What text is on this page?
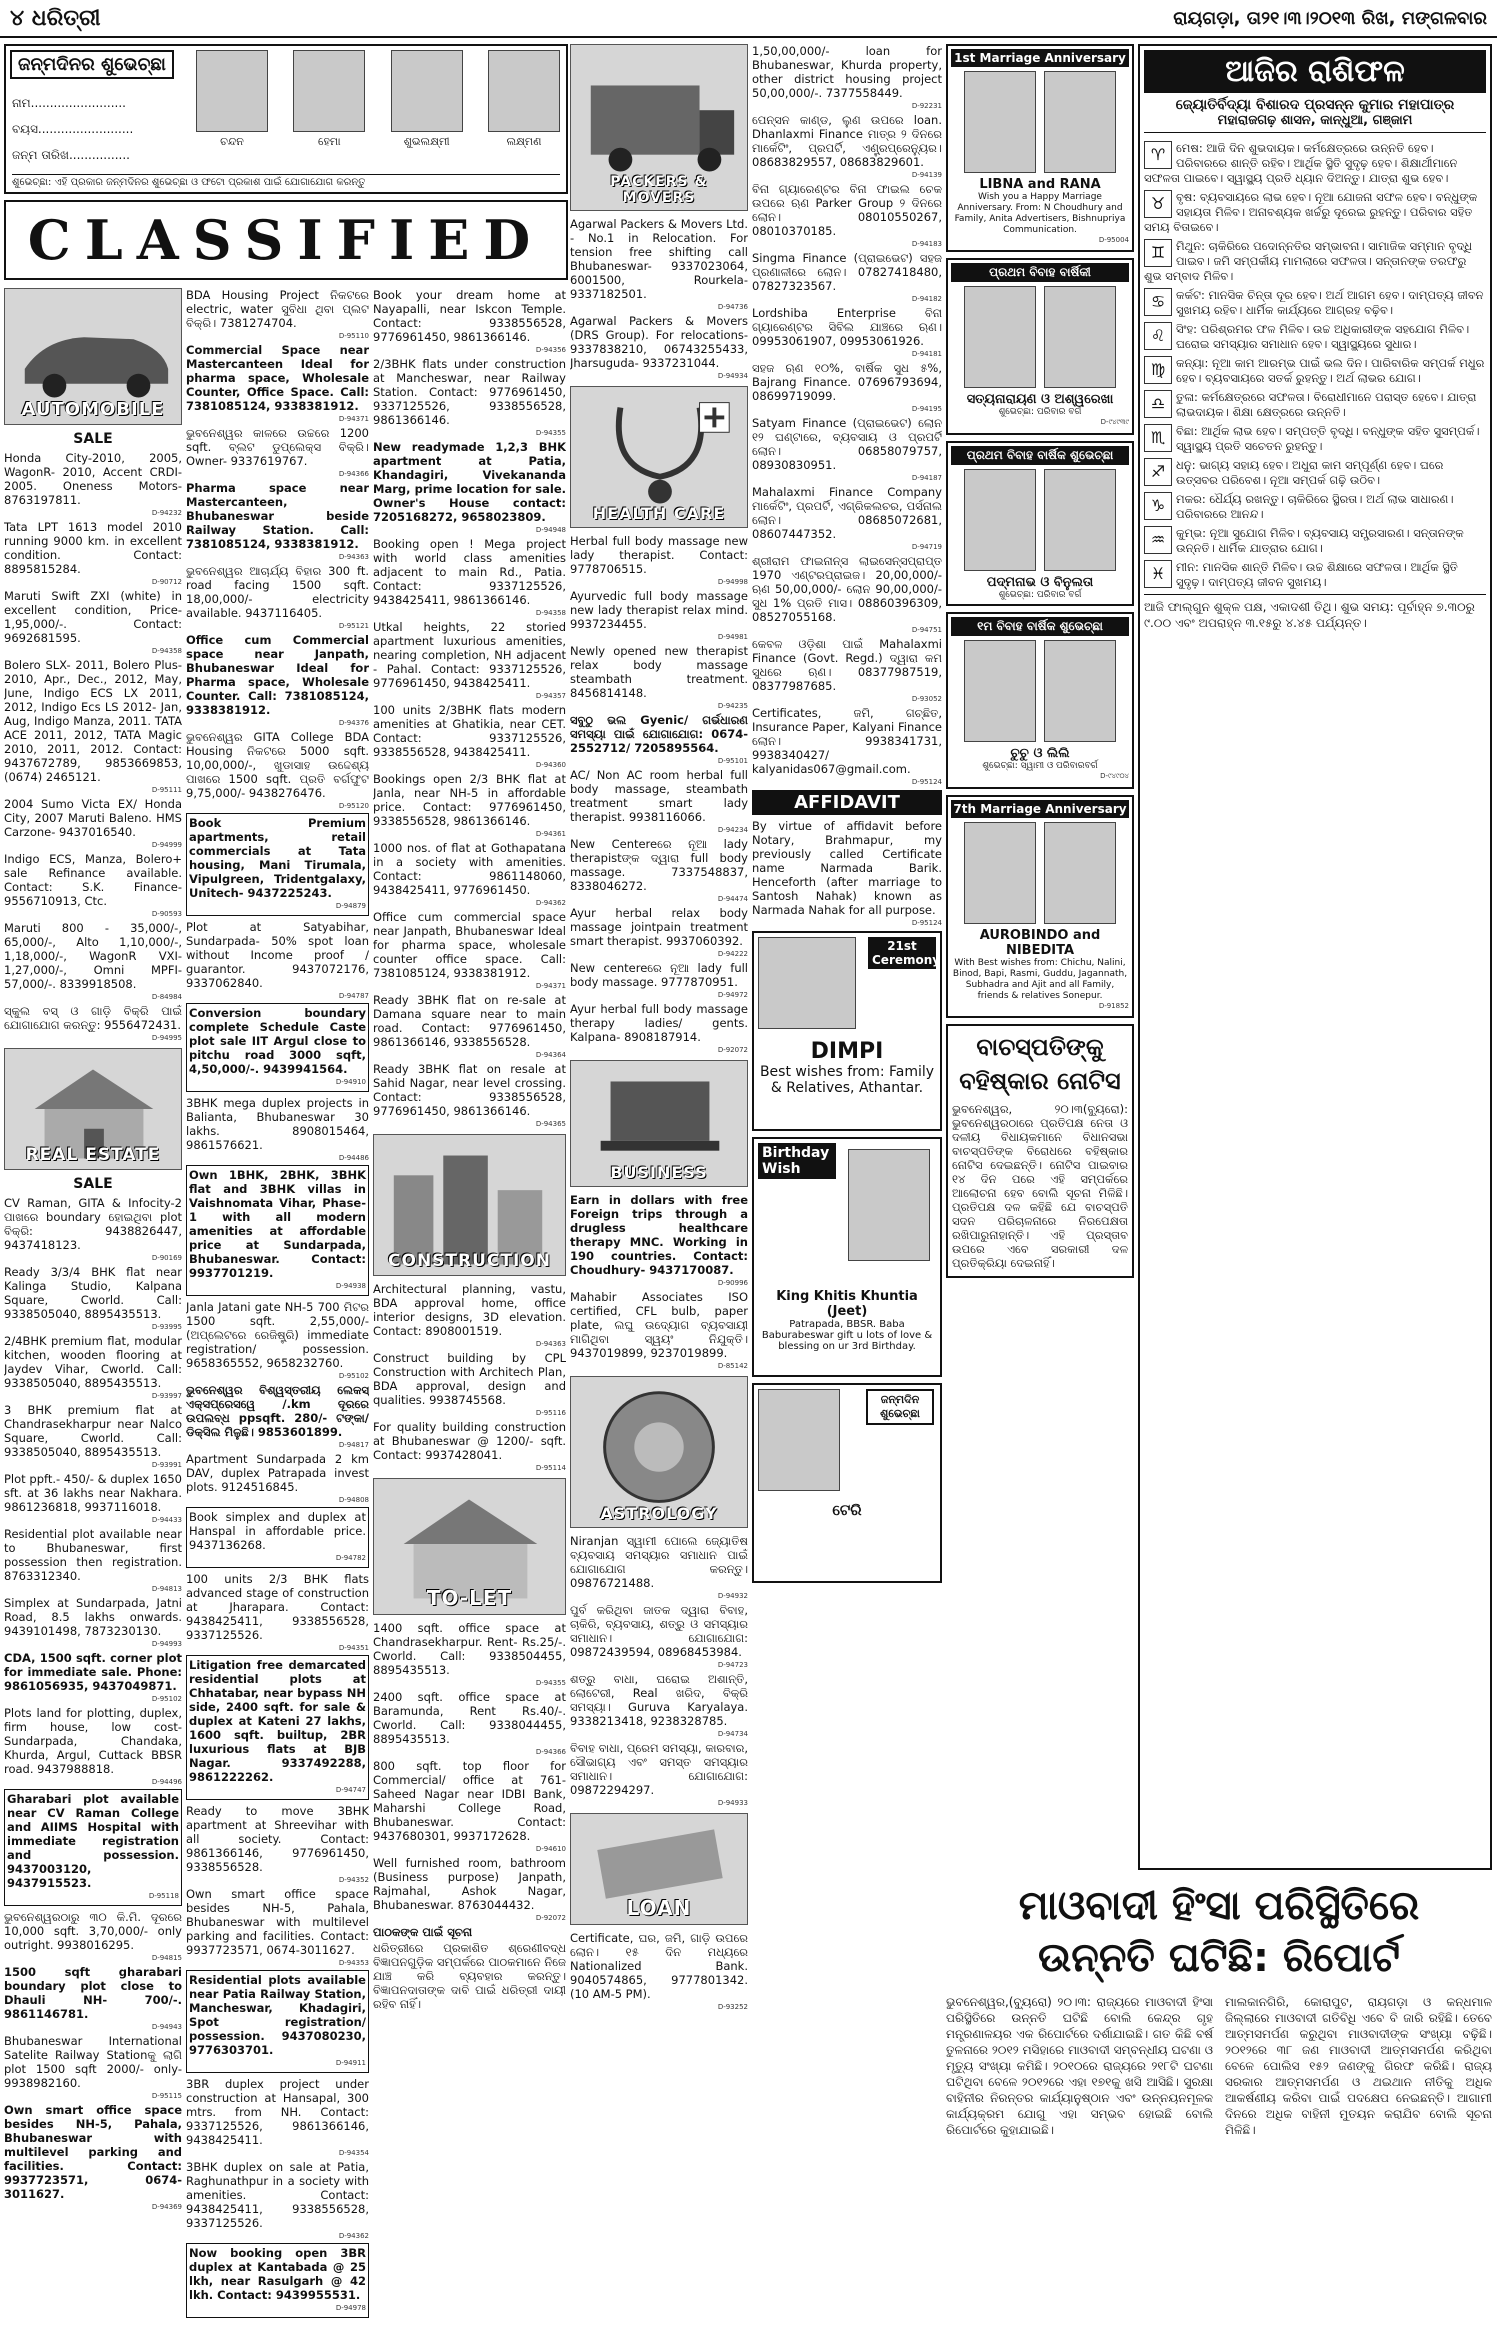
୪ ଧରିତ୍ରୀ	ରାୟଗଡ଼ା, ତା୨୧।୩।୨୦୧୩ ରିଖ, ମଙ୍ଗଳବାର
ଜନ୍ମଦିନର ଶୁଭେଚ୍ଛା
ନାମ.........................
ବୟସ.........................
ଜନ୍ମ ତାରିଖ................
ଚନ୍ଦନ	ହେମା	ଶୁଭଲକ୍ଷ୍ମୀ	ଲକ୍ଷ୍ମଣ
ଶୁଭେଚ୍ଛା: ଏହି ପ୍ରକାର ଜନ୍ମଦିନର ଶୁଭେଚ୍ଛା ଓ ଫଟୋ ପ୍ରକାଶ ପାଇଁ ଯୋଗାଯୋଗ କରନ୍ତୁ
CLASSIFIED
AUTOMOBILE
SALE
Honda City-2010, 2005, WagonR- 2010, Accent CRDI- 2005. Oneness Motors- 8763197811.
D-94232
Tata LPT 1613 model 2010 running 9000 km. in excellent condition. Contact: 8895815284.
D-90712
Maruti Swift ZXI (white) in excellent condition, Price- 1,95,000/-. Contact: 9692681595.
D-94358
Bolero SLX- 2011, Bolero Plus- 2010, Apr., Dec., 2012, May, June, Indigo ECS LX 2011, 2012, Indigo Ecs LS 2012- Jan, Aug, Indigo Manza, 2011. TATA ACE 2011, 2012, TATA Magic 2010, 2011, 2012. Contact: 9437672789, 9853669853, (0674) 2465121.
D-95111
2004 Sumo Victa EX/ Honda City, 2007 Maruti Baleno. HMS Carzone- 9437016540.
D-94999
Indigo ECS, Manza, Bolero+ sale Refinance available. Contact: S.K. Finance- 9556710913, Ctc.
D-90593
Maruti 800 - 35,000/-, 65,000/-, Alto 1,10,000/-, 1,18,000/-, WagonR VXI- 1,27,000/-, Omni MPFI- 57,000/-. 8339918508.
D-84984
ସ୍କୁଲ ବସ୍ ଓ ଗାଡ଼ି ବିକ୍ରି ପାଇଁ ଯୋଗାଯୋଗ କରନ୍ତୁ: 9556472431.
D-94995
REAL ESTATE
SALE
CV Raman, GITA & Infocity-2 ପାଖରେ boundary ହୋଇଥିବା plot ବିକ୍ରି: 9438826447, 9437418123.
D-90169
Ready 3/3/4 BHK flat near Kalinga Studio, Kalpana Square, Cworld. Call: 9338505040, 8895435513.
D-93995
2/4BHK premium flat, modular kitchen, wooden flooring at Jaydev Vihar, Cworld. Call: 9338505040, 8895435513.
D-93997
3 BHK premium flat at Chandrasekharpur near Nalco Square, Cworld. Call: 9338505040, 8895435513.
D-93991
Plot ppft.- 450/- & duplex 1650 sft. at 36 lakhs near Nakhara. 9861236818, 9937116018.
D-94433
Residential plot available near to Bhubaneswar, first possession then registration. 8763312340.
D-94813
Simplex at Sundarpada, Jatni Road, 8.5 lakhs onwards. 9439101498, 7873230130.
D-94993
CDA, 1500 sqft. corner plot for immediate sale. Phone: 9861056935, 9437049871.
D-95102
Plots land for plotting, duplex, firm house, low cost- Sundarpada, Chandaka, Khurda, Argul, Cuttack BBSR road. 9437988818.
D-94496
Gharabari plot available near CV Raman College and AIIMS Hospital with immediate registration and possession. 9437003120, 9437915523.
D-95118
ଭୁବନେଶ୍ୱରଠାରୁ ୩୦ କି.ମି. ଦୂରରେ 10,000 sqft. 3,70,000/- only outright. 9938016295.
D-94815
1500 sqft gharabari boundary plot close to Dhauli NH- 700/-. 9861146781.
D-94943
Bhubaneswar International Satelite Railway Stationକୁ ଲାଗି plot 1500 sqft 2000/- only- 9938982160.
D-95115
Own smart office space besides NH-5, Pahala, Bhubaneswar with multilevel parking and facilities. Contact: 9937723571, 0674-3011627.
D-94369
BDA Housing Project ନିକଟରେ electric, water ସୁବିଧା ଥିବା ପ୍ଲଟ ବିକ୍ରି। 7381274704.
D-95110
Commercial Space near Mastercanteen Ideal for pharma space, Wholesale Counter, Office Space. Call: 7381085124, 9338381912.
D-94371
ଭୁବନେଶ୍ୱର କାଳରେ ଉଚ୍ଚରେ 1200 sqft. ବ୍ଲଟ ଡୁପ୍ଲେକ୍ସ ବିକ୍ରି। Owner- 9337619767.
D-94366
Pharma space near Mastercanteen, Bhubaneswar beside Railway Station. Call: 7381085124, 9338381912.
D-94363
ଭୁବନେଶ୍ୱର ଆଚାର୍ଯ୍ୟ ବିହାର 300 ft. road facing 1500 sqft. 18,00,000/- electricity available. 9437116405.
D-95121
Office cum Commercial space near Janpath, Bhubaneswar Ideal for Pharma space, Wholesale Counter. Call: 7381085124, 9338381912.
D-94376
ଭୁବନେଶ୍ୱର GITA College BDA Housing ନିକଟରେ 5000 sqft. 10,00,000/-, ଖୁଡାସାହ ଉଦ୍ଦେଶ୍ୟ ପାଖରେ 1500 sqft. ପ୍ରତି ବର୍ଗଫୁଟ 9,75,000/- 9438276476.
D-95120
Book Premium apartments, retail commercials at Tata housing, Mani Tirumala, Vipulgreen, Tridentgalaxy, Unitech- 9437225243.
D-94879
Plot at Satyabihar, Sundarpada- 50% spot loan without Income proof / guarantor. 9437072176, 9337062840.
D-94787
Conversion boundary complete Schedule Caste plot sale IIT Argul close to pitchu road 3000 sqft, 4,50,000/-. 9439941564.
D-94910
3BHK mega duplex projects in Balianta, Bhubaneswar 30 lakhs. 8908015464, 9861576621.
D-94486
Own 1BHK, 2BHK, 3BHK flat and 3BHK villas in Vaishnomata Vihar, Phase-1 with all modern amenities at affordable price at Sundarpada, Bhubaneswar. Contact: 9937701219.
D-94938
Janla Jatani gate NH-5 700 ମିଟର 1500 sqft. 2,55,000/- (ଅପ୍ଲେଟରେ ରେଜିଷ୍ଟ୍ରି) immediate registration/ possession. 9658365552, 9658232760.
D-95102
ଭୁବନେଶ୍ୱର ବିଶ୍ୱସ୍ତରୀୟ ଲେକସ୍ ଏକ୍ସପ୍ରେସୱେ /.km ଦୂରରେ ଉପଲବ୍ଧ ppsqft. 280/- ଟଙ୍କା/ ଡିକ୍ସିଲ ମିଳୁଛି। 9853601899.
D-94817
Apartment Sundarpada 2 km DAV, duplex Patrapada invest plots. 9124516845.
D-94808
Book simplex and duplex at Hanspal in affordable price. 9437136268.
D-94782
100 units 2/3 BHK flats advanced stage of construction at Jharapara. Contact: 9438425411, 9338556528, 9337125526.
D-94351
Litigation free demarcated residential plots at Chhatabar, near bypass NH side, 2400 sqft. for sale & duplex at Kateni 27 lakhs, 1600 sqft. builtup, 2BR luxurious flats at BJB Nagar. 9337492288, 9861222262.
D-94747
Ready to move 3BHK apartment at Shreevihar with all society. Contact: 9861366146, 9776961450, 9338556528.
D-94352
Own smart office space besides NH-5, Pahala, Bhubaneswar with multilevel parking and facilities. Contact: 9937723571, 0674-3011627.
D-94353
Residential plots available near Patia Railway Station, Mancheswar, Khadagiri, Spot registration/ possession. 9437080230, 9776303701.
D-94911
3BR duplex project under construction at Hansapal, 300 mtrs. from NH. Contact: 9337125526, 9861366146, 9438425411.
D-94354
3BHK duplex on sale at Patia, Raghunathpur in a society with amenities. Contact: 9438425411, 9338556528, 9337125526.
D-94362
Now booking open 3BR duplex at Kantabada @ 25 lkh, near Rasulgarh @ 42 lkh. Contact: 9439955531.
D-94978
Book your dream home at Nayapalli, near Iskcon Temple. Contact: 9338556528, 9776961450, 9861366146.
D-94356
2/3BHK flats under construction at Mancheswar, near Railway Station. Contact: 9776961450, 9337125526, 9338556528, 9861366146.
D-94355
New readymade 1,2,3 BHK apartment at Patia, Khandagiri, Vivekananda Marg, prime location for sale. Owner's House contact: 7205168272, 9658023809.
D-94948
Booking open ! Mega project with world class amenities adjacent to main Rd., Patia. Contact: 9337125526, 9438425411, 9861366146.
D-94358
Utkal heights, 22 storied apartment luxurious amenities, nearing completion, NH adjacent - Pahal. Contact: 9337125526, 9776961450, 9438425411.
D-94357
100 units 2/3BHK flats modern amenities at Ghatikia, near CET. Contact: 9337125526, 9338556528, 9438425411.
D-94360
Bookings open 2/3 BHK flat at Janla, near NH-5 in affordable price. Contact: 9776961450, 9338556528, 9861366146.
D-94361
1000 nos. of flat at Gothapatana in a society with amenities. Contact: 9861148060, 9438425411, 9776961450.
D-94362
Office cum commercial space near Janpath, Bhubaneswar Ideal for pharma space, wholesale counter office space. Call: 7381085124, 9338381912.
D-94371
Ready 3BHK flat on re-sale at Damana square near to main road. Contact: 9776961450, 9861366146, 9338556528.
D-94364
Ready 3BHK flat on resale at Sahid Nagar, near level crossing. Contact: 9338556528, 9776961450, 9861366146.
D-94365
CONSTRUCTION
Architectural planning, vastu, BDA approval home, office interior designs, 3D elevation. Contact: 8908001519.
D-94363
Construct building by CPL Construction with Architech Plan, BDA approval, design and qualities. 9938745568.
D-95116
For quality building construction at Bhubaneswar @ 1200/- sqft. Contact: 9937428041.
D-95114
TO-LET
1400 sqft. office space at Chandrasekharpur. Rent- Rs.25/-. Cworld. Call: 9338504455, 8895435513.
D-94355
2400 sqft. office space at Baramunda, Rent Rs.40/-. Cworld. Call: 9338044455, 8895435513.
D-94366
800 sqft. top floor for Commercial/ office at 761- Saheed Nagar near IDBI Bank, Maharshi College Road, Bhubaneswar. Contact: 9437680301, 9937172628.
D-94610
Well furnished room, bathroom (Business purpose) Janpath, Rajmahal, Ashok Nagar, Bhubaneswar. 8763044432.
D-92072
ପାଠକଙ୍କ ପାଇଁ ସୂଚନା
ଧରିତ୍ରୀରେ ପ୍ରକାଶିତ ଶ୍ରେଣୀବଦ୍ଧ ବିଜ୍ଞାପନଗୁଡ଼ିକ ସମ୍ପର୍କରେ ପାଠକମାନେ ନିଜେ ଯାଞ୍ଚ କରି ବ୍ୟବହାର କରନ୍ତୁ। ବିଜ୍ଞାପନଦାତାଙ୍କ ଦାବି ପାଇଁ ଧରିତ୍ରୀ ଦାୟୀ ରହିବ ନାହିଁ।
PACKERS & MOVERS
Agarwal Packers & Movers Ltd. - No.1 in Relocation. For tension free shifting call Bhubaneswar- 9337023064, 6001500, Rourkela- 9337182501.
D-94736
Agarwal Packers & Movers (DRS Group). For relocations- 9337838210, 06743255433, Jharsuguda- 9337231044.
D-94934
HEALTH CARE
Herbal full body massage new lady therapist. Contact: 9778706515.
D-94998
Ayurvedic full body massage new lady therapist relax mind. 9937234455.
D-94981
Newly opened new therapist relax body massage steambath treatment. 8456814148.
D-94235
ସବୁଠୁ ଭଲ Gyenic/ ଗର୍ଭଧାରଣ ସମସ୍ୟା ପାଇଁ ଯୋଗାଯୋଗ: 0674-2552712/ 7205895564.
D-95101
AC/ Non AC room herbal full body massage, steambath treatment smart lady therapist. 9938116066.
D-94234
New Centereରେ ନୂଆ lady therapistଙ୍କ ଦ୍ୱାରା full body massage. 7337548837, 8338046272.
D-94474
Ayur herbal relax body massage jointpain treatment smart therapist. 9937060392.
D-94222
New centereରେ ନୂଆ lady full body massage. 9777870951.
D-94972
Ayur herbal full body massage therapy ladies/ gents. Kalpana- 8908187914.
D-92072
BUSINESS
Earn in dollars with free Foreign trips through a drugless healthcare therapy MNC. Working in 190 countries. Contact: Choudhury- 9437170087.
D-90996
Mahabir Associates ISO certified, CFL bulb, paper plate, ଲଘୁ ଉଦ୍ୟୋଗ ବ୍ୟବସାୟୀ ମାଗିଥିବା ସ୍ୱୟଂ ନିଯୁକ୍ତି। 9437019899, 9237019899.
D-85142
ASTROLOGY
Niranjan ସ୍ୱାମୀ ପୋଲେ ଜ୍ୟୋତିଷ ବ୍ୟବସାୟ ସମସ୍ୟାର ସମାଧାନ ପାଇଁ ଯୋଗାଯୋଗ କରନ୍ତୁ। 09876721488.
D-94932
ପୁର୍ବ କରିଥିବା ଜାତକ ଦ୍ୱାରା ବିବାହ, ଚାକିରି, ବ୍ୟବସାୟ, ଶତ୍ରୁ ଓ ସମସ୍ୟାର ସମାଧାନ। ଯୋଗାଯୋଗ: 09872439594, 08968453984.
D-94723
ଶତ୍ରୁ ବାଧା, ଘରୋଇ ଅଶାନ୍ତି, ଲୋଟେରୀ, Real ଖରିଦ, ବିକ୍ରି ସମସ୍ୟା। Guruva Karyalaya. 9338213418, 9238328785.
D-94734
ବିବାହ ବାଧା, ପ୍ରେମ ସମସ୍ୟା, କାରବାର, ସୌଭାଗ୍ୟ ଏବଂ ସମସ୍ତ ସମସ୍ୟାର ସମାଧାନ। ଯୋଗାଯୋଗ: 09872294297.
D-94933
LOAN
Certificate, ଘର, ଜମି, ଗାଡ଼ି ଉପରେ ଲୋନ। ୧୫ ଦିନ ମଧ୍ୟରେ Nationalized Bank. 9040574865, 9777801342. (10 AM-5 PM).
D-93252
1,50,00,000/- loan for Bhubaneswar, Khurda property, other district housing project 50,00,000/-. 7377558449.
D-92231
ପେନ୍ସନ କାଣ୍ଡ, ଲୁଣ ଉପରେ loan. Dhanlaxmi Finance ମାତ୍ର ୨ ଦିନରେ ମାର୍କେଟିଂ, ପ୍ରପର୍ଟି, ଏଣ୍ଟ୍ରପ୍ରେନ୍ୟୁର। 08683829557, 08683829601.
D-94139
ବିନା ଗ୍ୟାରେଣ୍ଟର ବିନା ଫାଇଲ ଚେକ ଉପରେ ଋଣ Parker Group ୨ ଦିନରେ ଲୋନ। 08010550267, 08010370185.
D-94183
Singma Finance (ପ୍ରାଇଭେଟ) ସହଜ ପ୍ରଣାଳୀରେ ଲୋନ। 07827418480, 07827323567.
D-94182
Lordshiba Enterprise ବିନା ଗ୍ୟାରେଣ୍ଟର ସିବିଲ ଯାଞ୍ଚରେ ଋଣ। 09953061907, 09953061926.
D-94181
ସହଜ ଋଣ ୧୦%, ବାର୍ଷିକ ସୁଧ ୫%, Bajrang Finance. 07696793694, 08699719099.
D-94195
Satyam Finance (ପ୍ରାଇଭେଟ) ଲୋନ ୧୨ ଘଣ୍ଟାରେ, ବ୍ୟବସାୟ ଓ ପ୍ରପର୍ଟି ଲୋନ। 06858079757, 08930830951.
D-94187
Mahalaxmi Finance Company ମାର୍କେଟିଂ, ପ୍ରପର୍ଟି, ଏଗ୍ରିକଲଚର, ପର୍ସନାଲ ଲୋନ। 08685072681, 08607447352.
D-94719
ଶ୍ରୀରାମ ଫାଇନାନ୍ସ ଲାଇସେନ୍ସପ୍ରାପ୍ତ 1970 ଏଣ୍ଟରପ୍ରାଇଜ। 20,00,000/- ଋଣ 50,00,000/- ଲୋନ 90,00,000/- ସୁଧ 1% ପ୍ରତି ମାସ। 08860396309, 08527055168.
D-94751
କେବଳ ଓଡ଼ିଶା ପାଇଁ Mahalaxmi Finance (Govt. Regd.) ଦ୍ୱାରା କମ ସୁଧରେ ଋଣ। 08377987519, 08377987685.
D-93052
Certificates, ଜମି, ଗଚ୍ଛିତ, Insurance Paper, Kalyani Finance ଲୋନ। 9938341731, 9938340427/ kalyanidas067@gmail.com.
D-95124
AFFIDAVIT
By virtue of affidavit before Notary, Brahmapur, my previously called Certificate name Narmada Barik. Henceforth (after marriage to Santosh Nahak) known as Narmada Nahak for all purpose.
D-95124
21st Ceremony
DIMPI
Best wishes from: Family & Relatives, Athantar.
Birthday Wish
King Khitis Khuntia (Jeet)
Patrapada, BBSR. Baba Baburabeswar gift u lots of love & blessing on ur 3rd Birthday.
ଜନ୍ମଦିନ ଶୁଭେଚ୍ଛା
ଟେରି
1st Marriage Anniversary
LIBNA and RANA
Wish you a Happy Marriage Anniversary. From: N Choudhury and Family, Anita Advertisers, Bishnupriya Communication.
D-95004
ପ୍ରଥମ ବିବାହ ବାର୍ଷିକୀ
ସତ୍ୟନାରାୟଣ ଓ ଅଶ୍ୱରେଖା
ଶୁଭେଚ୍ଛା: ପରିବାର ବର୍ଗ
D-୯୪୯୩୯
ପ୍ରଥମ ବିବାହ ବାର୍ଷିକ ଶୁଭେଚ୍ଛା
ପଦ୍ମନାଭ ଓ ବିନୁଲତା
ଶୁଭେଚ୍ଛା: ପରିବାର ବର୍ଗ
୧ମ ବିବାହ ବାର୍ଷିକ ଶୁଭେଚ୍ଛା
ଚୁଚୁ ଓ ଲିଲି
ଶୁଭେଚ୍ଛା: ସ୍ୱାମୀ ଓ ପରିବାରବର୍ଗ
D-୯୪୯୦୪
7th Marriage Anniversary
AUROBINDO and NIBEDITA
With Best wishes from: Chichu, Nalini, Binod, Bapi, Rasmi, Guddu, Jagannath, Subhadra and Ajit and all Family, friends & relatives Sonepur.
D-91852
ବାଚସ୍ପତିଙ୍କୁ ବହିଷ୍କାର ନୋଟିସ
ଭୁବନେଶ୍ୱର, ୨୦।୩(ବ୍ୟୁରୋ): ଭୁବନେଶ୍ୱରଠାରେ ପ୍ରତିପକ୍ଷ ନେତା ଓ ଦଳୀୟ ବିଧାୟକମାନେ ବିଧାନସଭା ବାଚସ୍ପତିଙ୍କ ବିରୋଧରେ ବହିଷ୍କାର ନୋଟିସ ଦେଇଛନ୍ତି। ନୋଟିସ ପାଇବାର ୧୪ ଦିନ ପରେ ଏହି ସମ୍ପର୍କରେ ଆଲୋଚନା ହେବ ବୋଲି ସୂଚନା ମିଳିଛି। ପ୍ରତିପକ୍ଷ ଦଳ କହିଛି ଯେ ବାଚସ୍ପତି ସଦନ ପରିଚାଳନାରେ ନିରପେକ୍ଷତା ରଖିପାରୁନାହାନ୍ତି। ଏହି ପ୍ରସ୍ତାବ ଉପରେ ଏବେ ସରକାରୀ ଦଳ ପ୍ରତିକ୍ରିୟା ଦେଇନାହିଁ।
ଆଜିର ରାଶିଫଳ
ଜ୍ୟୋତିର୍ବିଦ୍ୟା ବିଶାରଦ ପ୍ରସନ୍ନ କୁମାର ମହାପାତ୍ର
ମହାରାଜଗଢ଼ ଶାସନ, କାନ୍ଧୁଆ, ଗଞ୍ଜାମ

♈ ମେଷ: ଆଜି ଦିନ ଶୁଭଦାୟକ। କର୍ମକ୍ଷେତ୍ରରେ ଉନ୍ନତି ହେବ। ପରିବାରରେ ଶାନ୍ତି ରହିବ। ଆର୍ଥିକ ସ୍ଥିତି ସୁଦୃଢ଼ ହେବ। ଶିକ୍ଷାର୍ଥୀମାନେ ସଫଳତା ପାଇବେ। ସ୍ୱାସ୍ଥ୍ୟ ପ୍ରତି ଧ୍ୟାନ ଦିଅନ୍ତୁ। ଯାତ୍ରା ଶୁଭ ହେବ।

♉ ବୃଷ: ବ୍ୟବସାୟରେ ଲାଭ ହେବ। ନୂଆ ଯୋଜନା ସଫଳ ହେବ। ବନ୍ଧୁଙ୍କ ସହାୟତା ମିଳିବ। ଅନାବଶ୍ୟକ ଖର୍ଚ୍ଚରୁ ଦୂରେଇ ରୁହନ୍ତୁ। ପରିବାର ସହିତ ସମୟ ବିତାଇବେ।

♊ ମିଥୁନ: ଚାକିରିରେ ପଦୋନ୍ନତିର ସମ୍ଭାବନା। ସାମାଜିକ ସମ୍ମାନ ବୃଦ୍ଧି ପାଇବ। ଜମି ସମ୍ପର୍କୀୟ ମାମଲାରେ ସଫଳତା। ସନ୍ତାନଙ୍କ ତରଫରୁ ଶୁଭ ସମ୍ବାଦ ମିଳିବ।

♋ କର୍କଟ: ମାନସିକ ଚିନ୍ତା ଦୂର ହେବ। ଅର୍ଥ ଆଗମ ହେବ। ଦାମ୍ପତ୍ୟ ଜୀବନ ସୁଖମୟ ରହିବ। ଧାର୍ମିକ କାର୍ଯ୍ୟରେ ଆଗ୍ରହ ବଢ଼ିବ।

♌ ସିଂହ: ପରିଶ୍ରମର ଫଳ ମିଳିବ। ଉଚ୍ଚ ଅଧିକାରୀଙ୍କ ସହଯୋଗ ମିଳିବ। ଘରୋଇ ସମସ୍ୟାର ସମାଧାନ ହେବ। ସ୍ୱାସ୍ଥ୍ୟରେ ସୁଧାର।

♍ କନ୍ୟା: ନୂଆ କାମ ଆରମ୍ଭ ପାଇଁ ଭଲ ଦିନ। ପାରିବାରିକ ସମ୍ପର୍କ ମଧୁର ହେବ। ବ୍ୟବସାୟରେ ସତର୍କ ରୁହନ୍ତୁ। ଅର୍ଥ ଲାଭର ଯୋଗ।

♎ ତୁଳା: କର୍ମକ୍ଷେତ୍ରରେ ସଫଳତା। ବିରୋଧୀମାନେ ପରାସ୍ତ ହେବେ। ଯାତ୍ରା ଲାଭଦାୟକ। ଶିକ୍ଷା କ୍ଷେତ୍ରରେ ଉନ୍ନତି।

♏ ବିଛା: ଆର୍ଥିକ ଲାଭ ହେବ। ସମ୍ପତ୍ତି ବୃଦ୍ଧି। ବନ୍ଧୁଙ୍କ ସହିତ ସୁସମ୍ପର୍କ। ସ୍ୱାସ୍ଥ୍ୟ ପ୍ରତି ସଚେତନ ରୁହନ୍ତୁ।

♐ ଧନୁ: ଭାଗ୍ୟ ସହାୟ ହେବ। ଅଧୁରା କାମ ସମ୍ପୂର୍ଣ୍ଣ ହେବ। ଘରେ ଉତ୍ସବର ପରିବେଶ। ନୂଆ ସମ୍ପର୍କ ଗଢ଼ି ଉଠିବ।

♑ ମକର: ଧୈର୍ଯ୍ୟ ରଖନ୍ତୁ। ଚାକିରିରେ ସ୍ଥିରତା। ଅର୍ଥ ଲାଭ ସାଧାରଣ। ପରିବାରରେ ଆନନ୍ଦ।

♒ କୁମ୍ଭ: ନୂଆ ସୁଯୋଗ ମିଳିବ। ବ୍ୟବସାୟ ସମ୍ପ୍ରସାରଣ। ସନ୍ତାନଙ୍କ ଉନ୍ନତି। ଧାର୍ମିକ ଯାତ୍ରାର ଯୋଗ।

♓ ମୀନ: ମାନସିକ ଶାନ୍ତି ମିଳିବ। ଉଚ୍ଚ ଶିକ୍ଷାରେ ସଫଳତା। ଆର୍ଥିକ ସ୍ଥିତି ସୁଦୃଢ଼। ଦାମ୍ପତ୍ୟ ଜୀବନ ସୁଖମୟ।

ଆଜି ଫାଲ୍ଗୁନ ଶୁକ୍ଳ ପକ୍ଷ, ଏକାଦଶୀ ତିଥି। ଶୁଭ ସମୟ: ପୂର୍ବାହ୍ନ ୭.୩୦ରୁ ୯.୦୦ ଏବଂ ଅପରାହ୍ନ ୩.୧୫ରୁ ୪.୪୫ ପର୍ଯ୍ୟନ୍ତ।
ମାଓବାଦୀ ହିଂସା ପରିସ୍ଥିତିରେ
ଉନ୍ନତି ଘଟିଛି: ରିପୋର୍ଟ
ଭୁବନେଶ୍ୱର,(ବ୍ୟୁରୋ) ୨୦।୩: ରାଜ୍ୟରେ ମାଓବାଦୀ ହିଂସା ପରିସ୍ଥିତିରେ ଉନ୍ନତି ଘଟିଛି ବୋଲି କେନ୍ଦ୍ର ଗୃହ ମନ୍ତ୍ରଣାଳୟର ଏକ ରିପୋର୍ଟରେ ଦର୍ଶାଯାଇଛି। ଗତ କିଛି ବର୍ଷ ତୁଳନାରେ ୨୦୧୨ ମସିହାରେ ମାଓବାଦୀ ସମ୍ବନ୍ଧୀୟ ଘଟଣା ଓ ମୃତ୍ୟୁ ସଂଖ୍ୟା କମିଛି। ୨୦୧୦ରେ ରାଜ୍ୟରେ ୨୧୮ଟି ଘଟଣା ଘଟିଥିବା ବେଳେ ୨୦୧୨ରେ ଏହା ୧୭୧କୁ ଖସି ଆସିଛି। ସୁରକ୍ଷା ବାହିନୀର ନିରନ୍ତର କାର୍ଯ୍ୟାନୁଷ୍ଠାନ ଏବଂ ଉନ୍ନୟନମୂଳକ କାର୍ଯ୍ୟକ୍ରମ ଯୋଗୁ ଏହା ସମ୍ଭବ ହୋଇଛି ବୋଲି ରିପୋର୍ଟରେ କୁହାଯାଇଛି।
ମାଲକାନଗିରି, କୋରାପୁଟ, ରାୟଗଡ଼ା ଓ କନ୍ଧମାଳ ଜିଲ୍ଲାରେ ମାଓବାଦୀ ଗତିବିଧି ଏବେ ବି ଜାରି ରହିଛି। ତେବେ ଆତ୍ମସମର୍ପଣ କରୁଥିବା ମାଓବାଦୀଙ୍କ ସଂଖ୍ୟା ବଢ଼ିଛି। ୨୦୧୨ରେ ୩୮ ଜଣ ମାଓବାଦୀ ଆତ୍ମସମର୍ପଣ କରିଥିବା ବେଳେ ପୋଲିସ ୧୫୨ ଜଣଙ୍କୁ ଗିରଫ କରିଛି। ରାଜ୍ୟ ସରକାର ଆତ୍ମସମର୍ପଣ ଓ ଥଇଥାନ ନୀତିକୁ ଅଧିକ ଆକର୍ଷଣୀୟ କରିବା ପାଇଁ ପଦକ୍ଷେପ ନେଇଛନ୍ତି। ଆଗାମୀ ଦିନରେ ଅଧିକ ବାହିନୀ ମୁତୟନ କରାଯିବ ବୋଲି ସୂଚନା ମିଳିଛି।
